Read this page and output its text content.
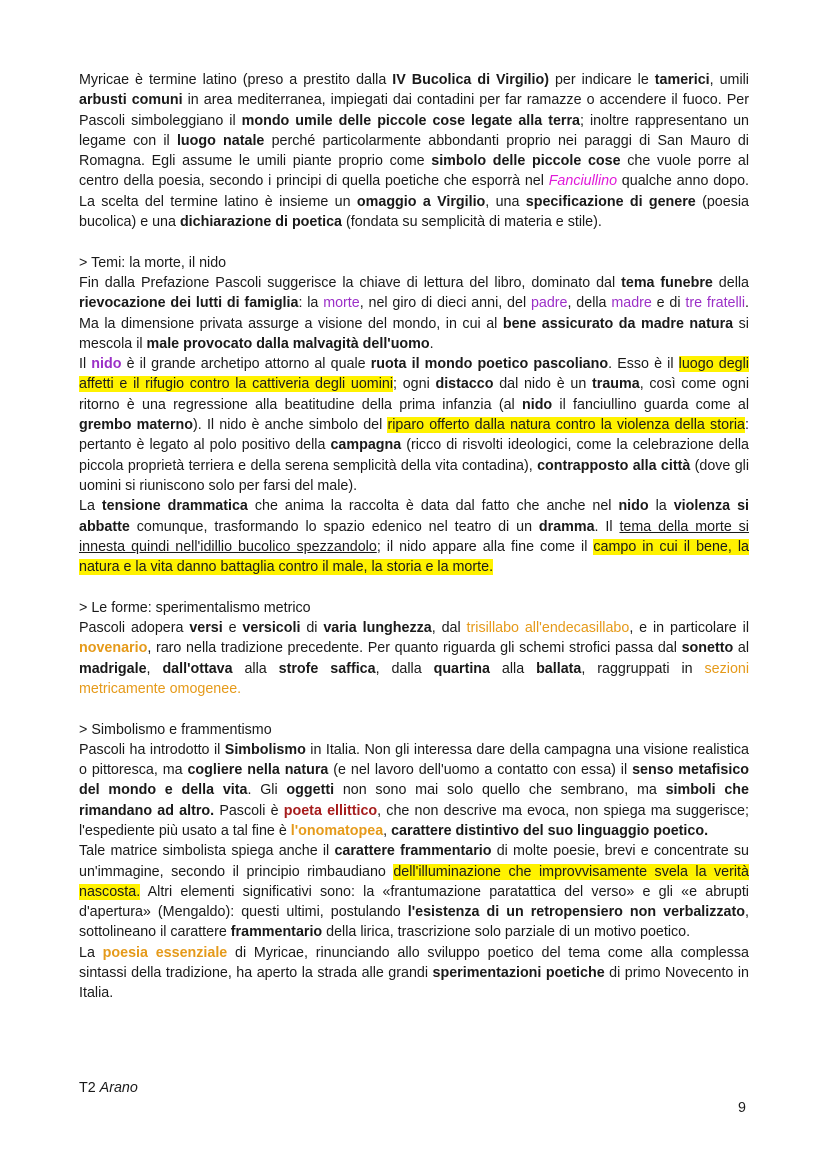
Myricae è termine latino (preso a prestito dalla IV Bucolica di Virgilio) per indicare le tamerici, umili arbusti comuni in area mediterranea, impiegati dai contadini per far ramazze o accendere il fuoco. Per Pascoli simboleggiano il mondo umile delle piccole cose legate alla terra; inoltre rappresentano un legame con il luogo natale perché particolarmente abbondanti proprio nei paraggi di San Mauro di Romagna. Egli assume le umili piante proprio come simbolo delle piccole cose che vuole porre al centro della poesia, secondo i principi di quella poetiche che esporrà nel Fanciullino qualche anno dopo. La scelta del termine latino è insieme un omaggio a Virgilio, una specificazione di genere (poesia bucolica) e una dichiarazione di poetica (fondata su semplicità di materia e stile).

> Temi: la morte, il nido

Fin dalla Prefazione Pascoli suggerisce la chiave di lettura del libro, dominato dal tema funebre della rievocazione dei lutti di famiglia: la morte, nel giro di dieci anni, del padre, della madre e di tre fratelli. Ma la dimensione privata assurge a visione del mondo, in cui al bene assicurato da madre natura si mescola il male provocato dalla malvagità dell'uomo.

Il nido è il grande archetipo attorno al quale ruota il mondo poetico pascoliano. Esso è il luogo degli affetti e il rifugio contro la cattiveria degli uomini; ogni distacco dal nido è un trauma, così come ogni ritorno è una regressione alla beatitudine della prima infanzia (al nido il fanciullino guarda come al grembo materno). Il nido è anche simbolo del riparo offerto dalla natura contro la violenza della storia: pertanto è legato al polo positivo della campagna (ricco di risvolti ideologici, come la celebrazione della piccola proprietà terriera e della serena semplicità della vita contadina), contrapposto alla città (dove gli uomini si riuniscono solo per farsi del male).

La tensione drammatica che anima la raccolta è data dal fatto che anche nel nido la violenza si abbatte comunque, trasformando lo spazio edenico nel teatro di un dramma. Il tema della morte si innesta quindi nell'idillio bucolico spezzandolo; il nido appare alla fine come il campo in cui il bene, la natura e la vita danno battaglia contro il male, la storia e la morte.

> Le forme: sperimentalismo metrico

Pascoli adopera versi e versicoli di varia lunghezza, dal trisillabo all'endecasillabo, e in particolare il novenario, raro nella tradizione precedente. Per quanto riguarda gli schemi strofici passa dal sonetto al madrigale, dall'ottava alla strofe saffica, dalla quartina alla ballata, raggruppati in sezioni metricamente omogenee.

> Simbolismo e frammentismo

Pascoli ha introdotto il Simbolismo in Italia. Non gli interessa dare della campagna una visione realistica o pittoresca, ma cogliere nella natura (e nel lavoro dell'uomo a contatto con essa) il senso metafisico del mondo e della vita. Gli oggetti non sono mai solo quello che sembrano, ma simboli che rimandano ad altro. Pascoli è poeta ellittico, che non descrive ma evoca, non spiega ma suggerisce; l'espediente più usato a tal fine è l'onomatopea, carattere distintivo del suo linguaggio poetico.

Tale matrice simbolista spiega anche il carattere frammentario di molte poesie, brevi e concentrate su un'immagine, secondo il principio rimbaudiano dell'illuminazione che improvvisamente svela la verità nascosta. Altri elementi significativi sono: la «frantumazione paratattica del verso» e gli «e abrupti d'apertura» (Mengaldo): questi ultimi, postulando l'esistenza di un retropensiero non verbalizzato, sottolineano il carattere frammentario della lirica, trascrizione solo parziale di un motivo poetico.

La poesia essenziale di Myricae, rinunciando allo sviluppo poetico del tema come alla complessa sintassi della tradizione, ha aperto la strada alle grandi sperimentazioni poetiche di primo Novecento in Italia.

T2 Arano
9
